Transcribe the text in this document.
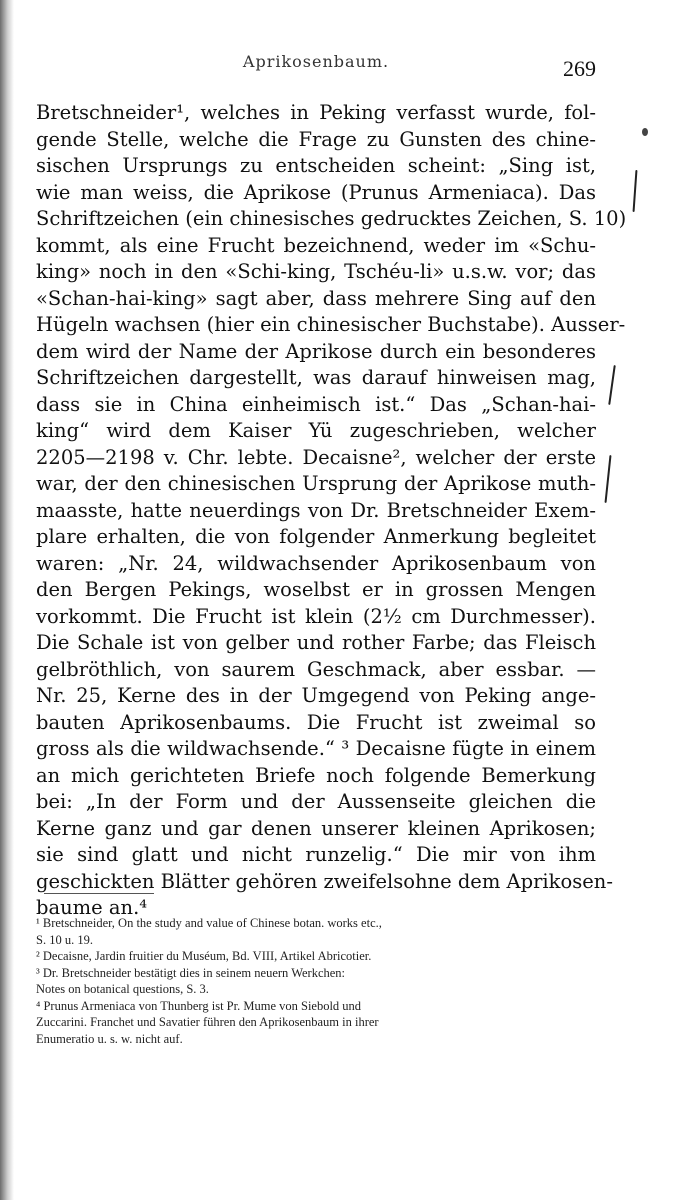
Aprikosenbaum.	269
Bretschneider¹, welches in Peking verfasst wurde, fol-
gende Stelle, welche die Frage zu Gunsten des chine-
sischen Ursprungs zu entscheiden scheint: „Sing ist,
wie man weiss, die Aprikose (Prunus Armeniaca). Das
Schriftzeichen (ein chinesisches gedrucktes Zeichen, S. 10)
kommt, als eine Frucht bezeichnend, weder im «Schu-
king» noch in den «Schi-king, Tschéu-li» u.s.w. vor; das
«Schan-hai-king» sagt aber, dass mehrere Sing auf den
Hügeln wachsen (hier ein chinesischer Buchstabe). Ausser-
dem wird der Name der Aprikose durch ein besonderes
Schriftzeichen dargestellt, was darauf hinweisen mag,
dass sie in China einheimisch ist.“ Das „Schan-hai-
king“ wird dem Kaiser Yü zugeschrieben, welcher
2205—2198 v. Chr. lebte. Decaisne², welcher der erste
war, der den chinesischen Ursprung der Aprikose muth-
maasste, hatte neuerdings von Dr. Bretschneider Exem-
plare erhalten, die von folgender Anmerkung begleitet
waren: „Nr. 24, wildwachsender Aprikosenbaum von
den Bergen Pekings, woselbst er in grossen Mengen
vorkommt. Die Frucht ist klein (2½ cm Durchmesser).
Die Schale ist von gelber und rother Farbe; das Fleisch
gelbröthlich, von saurem Geschmack, aber essbar. —
Nr. 25, Kerne des in der Umgegend von Peking ange-
bauten Aprikosenbaums. Die Frucht ist zweimal so
gross als die wildwachsende.“ ³ Decaisne fügte in einem
an mich gerichteten Briefe noch folgende Bemerkung
bei: „In der Form und der Aussenseite gleichen die
Kerne ganz und gar denen unserer kleinen Aprikosen;
sie sind glatt und nicht runzelig.“ Die mir von ihm
geschickten Blätter gehören zweifelsohne dem Aprikosen-
baume an.⁴
¹ Bretschneider, On the study and value of Chinese botan. works etc.,
S. 10 u. 19.
² Decaisne, Jardin fruitier du Muséum, Bd. VIII, Artikel Abricotier.
³ Dr. Bretschneider bestätigt dies in seinem neuern Werkchen:
Notes on botanical questions, S. 3.
⁴ Prunus Armeniaca von Thunberg ist Pr. Mume von Siebold und
Zuccarini. Franchet und Savatier führen den Aprikosenbaum in ihrer
Enumeratio u. s. w. nicht auf.
